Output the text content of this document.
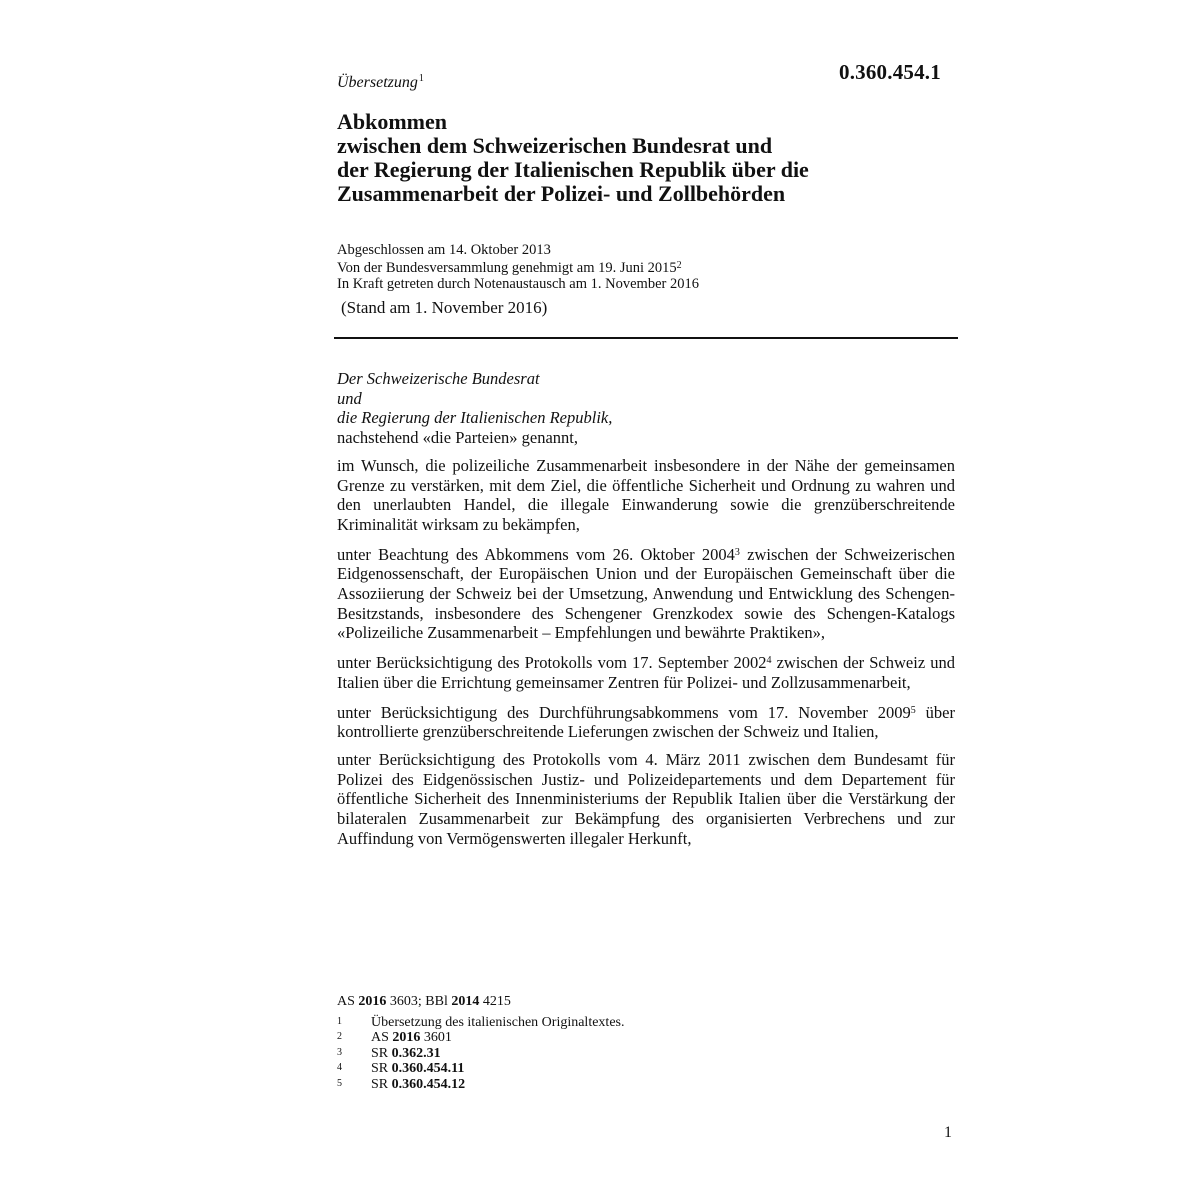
0.360.454.1
Übersetzung$^1$
Abkommen
zwischen dem Schweizerischen Bundesrat und
der Regierung der Italienischen Republik über die
Zusammenarbeit der Polizei- und Zollbehörden
Abgeschlossen am 14. Oktober 2013
Von der Bundesversammlung genehmigt am 19. Juni 2015$^2$
In Kraft getreten durch Notenaustausch am 1. November 2016
(Stand am 1. November 2016)
Der Schweizerische Bundesrat
und
die Regierung der Italienischen Republik,
nachstehend «die Parteien» genannt,
im Wunsch, die polizeiliche Zusammenarbeit insbesondere in der Nähe der gemeinsamen Grenze zu verstärken, mit dem Ziel, die öffentliche Sicherheit und Ordnung zu wahren und den unerlaubten Handel, die illegale Einwanderung sowie die grenzüberschreitende Kriminalität wirksam zu bekämpfen,
unter Beachtung des Abkommens vom 26. Oktober 2004$^3$ zwischen der Schweizerischen Eidgenossenschaft, der Europäischen Union und der Europäischen Gemeinschaft über die Assoziierung der Schweiz bei der Umsetzung, Anwendung und Entwicklung des Schengen-Besitzstands, insbesondere des Schengener Grenzkodex sowie des Schengen-Katalogs «Polizeiliche Zusammenarbeit – Empfehlungen und bewährte Praktiken»,
unter Berücksichtigung des Protokolls vom 17. September 2002$^4$ zwischen der Schweiz und Italien über die Errichtung gemeinsamer Zentren für Polizei- und Zollzusammenarbeit,
unter Berücksichtigung des Durchführungsabkommens vom 17. November 2009$^5$ über kontrollierte grenzüberschreitende Lieferungen zwischen der Schweiz und Italien,
unter Berücksichtigung des Protokolls vom 4. März 2011 zwischen dem Bundesamt für Polizei des Eidgenössischen Justiz- und Polizeidepartements und dem Departement für öffentliche Sicherheit des Innenministeriums der Republik Italien über die Verstärkung der bilateralen Zusammenarbeit zur Bekämpfung des organisierten Verbrechens und zur Auffindung von Vermögenswerten illegaler Herkunft,
AS 2016 3603; BBl 2014 4215
1	Übersetzung des italienischen Originaltextes.
2	AS 2016 3601
3	SR 0.362.31
4	SR 0.360.454.11
5	SR 0.360.454.12
1
